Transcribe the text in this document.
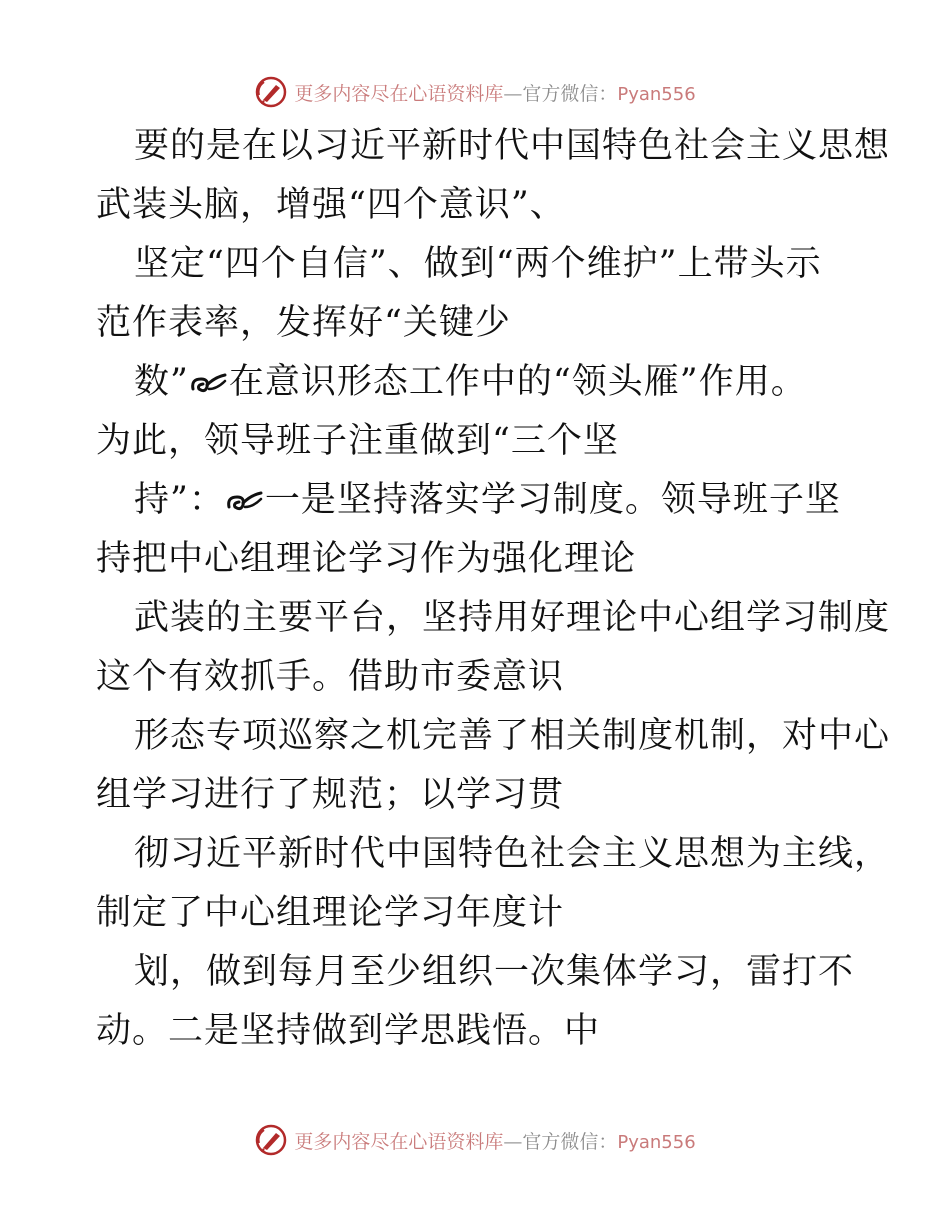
更多内容尽在心语资料库—官方微信：Pyan556
要的是在以习近平新时代中国特色社会主义思想
武装头脑，增强“四个意识”、
坚定“四个自信”、做到“两个维护”上带头示
范作表率，发挥好“关键少
数” 在意识形态工作中的“领头雁”作用。
为此，领导班子注重做到“三个坚
持”： 一是坚持落实学习制度。领导班子坚
持把中心组理论学习作为强化理论
武装的主要平台，坚持用好理论中心组学习制度
这个有效抓手。借助市委意识
形态专项巡察之机完善了相关制度机制，对中心
组学习进行了规范；以学习贯
彻习近平新时代中国特色社会主义思想为主线，
制定了中心组理论学习年度计
划，做到每月至少组织一次集体学习，雷打不
动。二是坚持做到学思践悟。中
更多内容尽在心语资料库—官方微信：Pyan556
